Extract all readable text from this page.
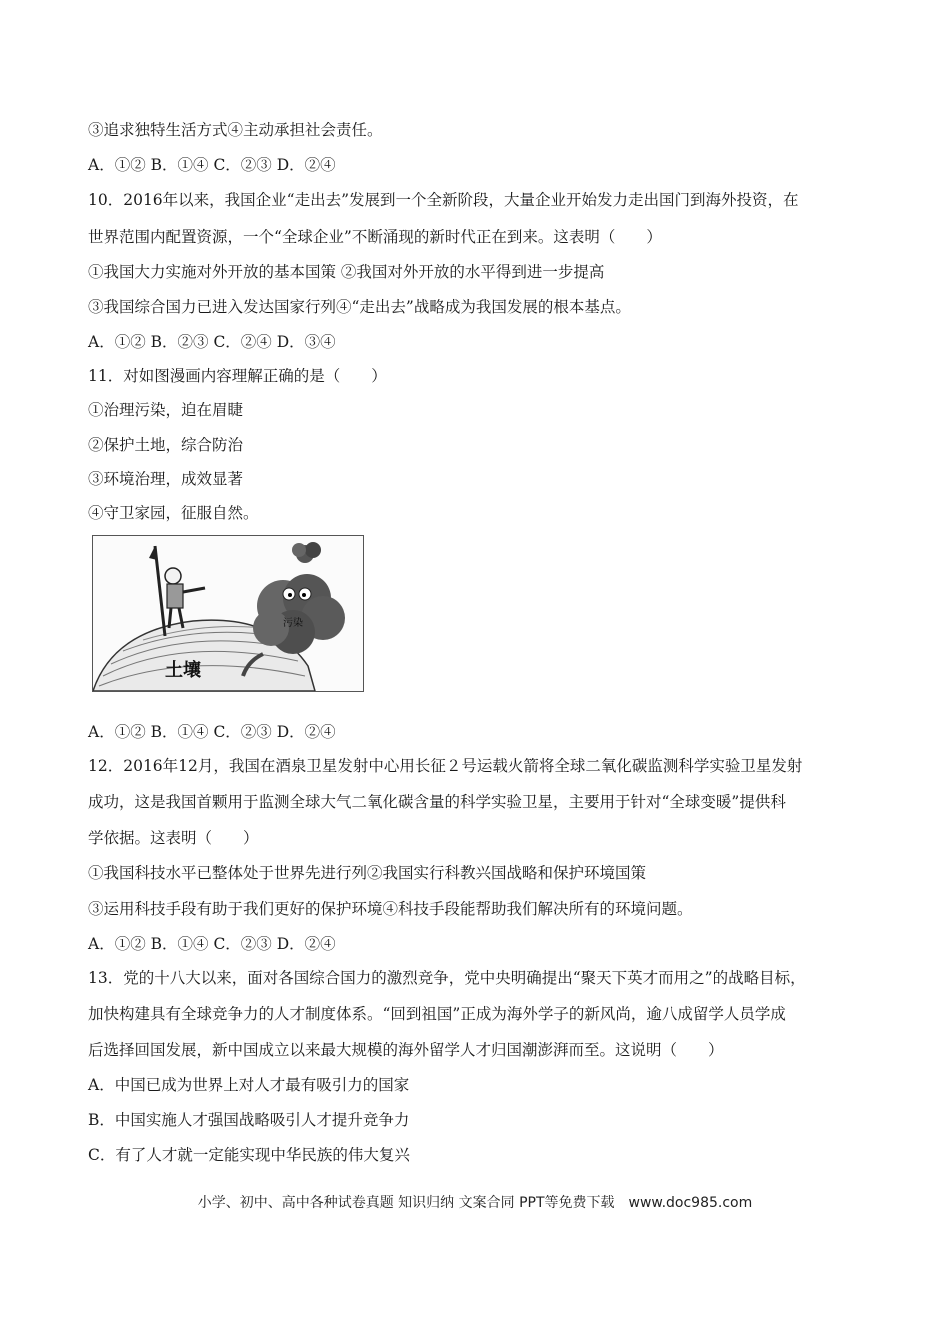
③追求独特生活方式④主动承担社会责任。
A．①② B．①④ C．②③ D．②④
10．2016年以来，我国企业“走出去”发展到一个全新阶段，大量企业开始发力走出国门到海外投资，在
世界范围内配置资源，一个“全球企业”不断涌现的新时代正在到来。这表明（　　）
①我国大力实施对外开放的基本国策 ②我国对外开放的水平得到进一步提高
③我国综合国力已进入发达国家行列④“走出去”战略成为我国发展的根本基点。
A．①② B．②③ C．②④ D．③④
11．对如图漫画内容理解正确的是（　　）
①治理污染，迫在眉睫
②保护土地，综合防治
③环境治理，成效显著
④守卫家园，征服自然。
污染
土壤
A．①② B．①④ C．②③ D．②④
12．2016年12月，我国在酒泉卫星发射中心用长征２号运载火箭将全球二氧化碳监测科学实验卫星发射
成功，这是我国首颗用于监测全球大气二氧化碳含量的科学实验卫星，主要用于针对“全球变暖”提供科
学依据。这表明（　　）
①我国科技水平已整体处于世界先进行列②我国实行科教兴国战略和保护环境国策
③运用科技手段有助于我们更好的保护环境④科技手段能帮助我们解决所有的环境问题。
A．①② B．①④ C．②③ D．②④
13．党的十八大以来，面对各国综合国力的激烈竞争，党中央明确提出“聚天下英才而用之”的战略目标，
加快构建具有全球竞争力的人才制度体系。“回到祖国”正成为海外学子的新风尚，逾八成留学人员学成
后选择回国发展，新中国成立以来最大规模的海外留学人才归国潮澎湃而至。这说明（　　）
A．中国已成为世界上对人才最有吸引力的国家
B．中国实施人才强国战略吸引人才提升竞争力
C．有了人才就一定能实现中华民族的伟大复兴
小学、初中、高中各种试卷真题 知识归纳 文案合同 PPT等免费下载　www.doc985.com
